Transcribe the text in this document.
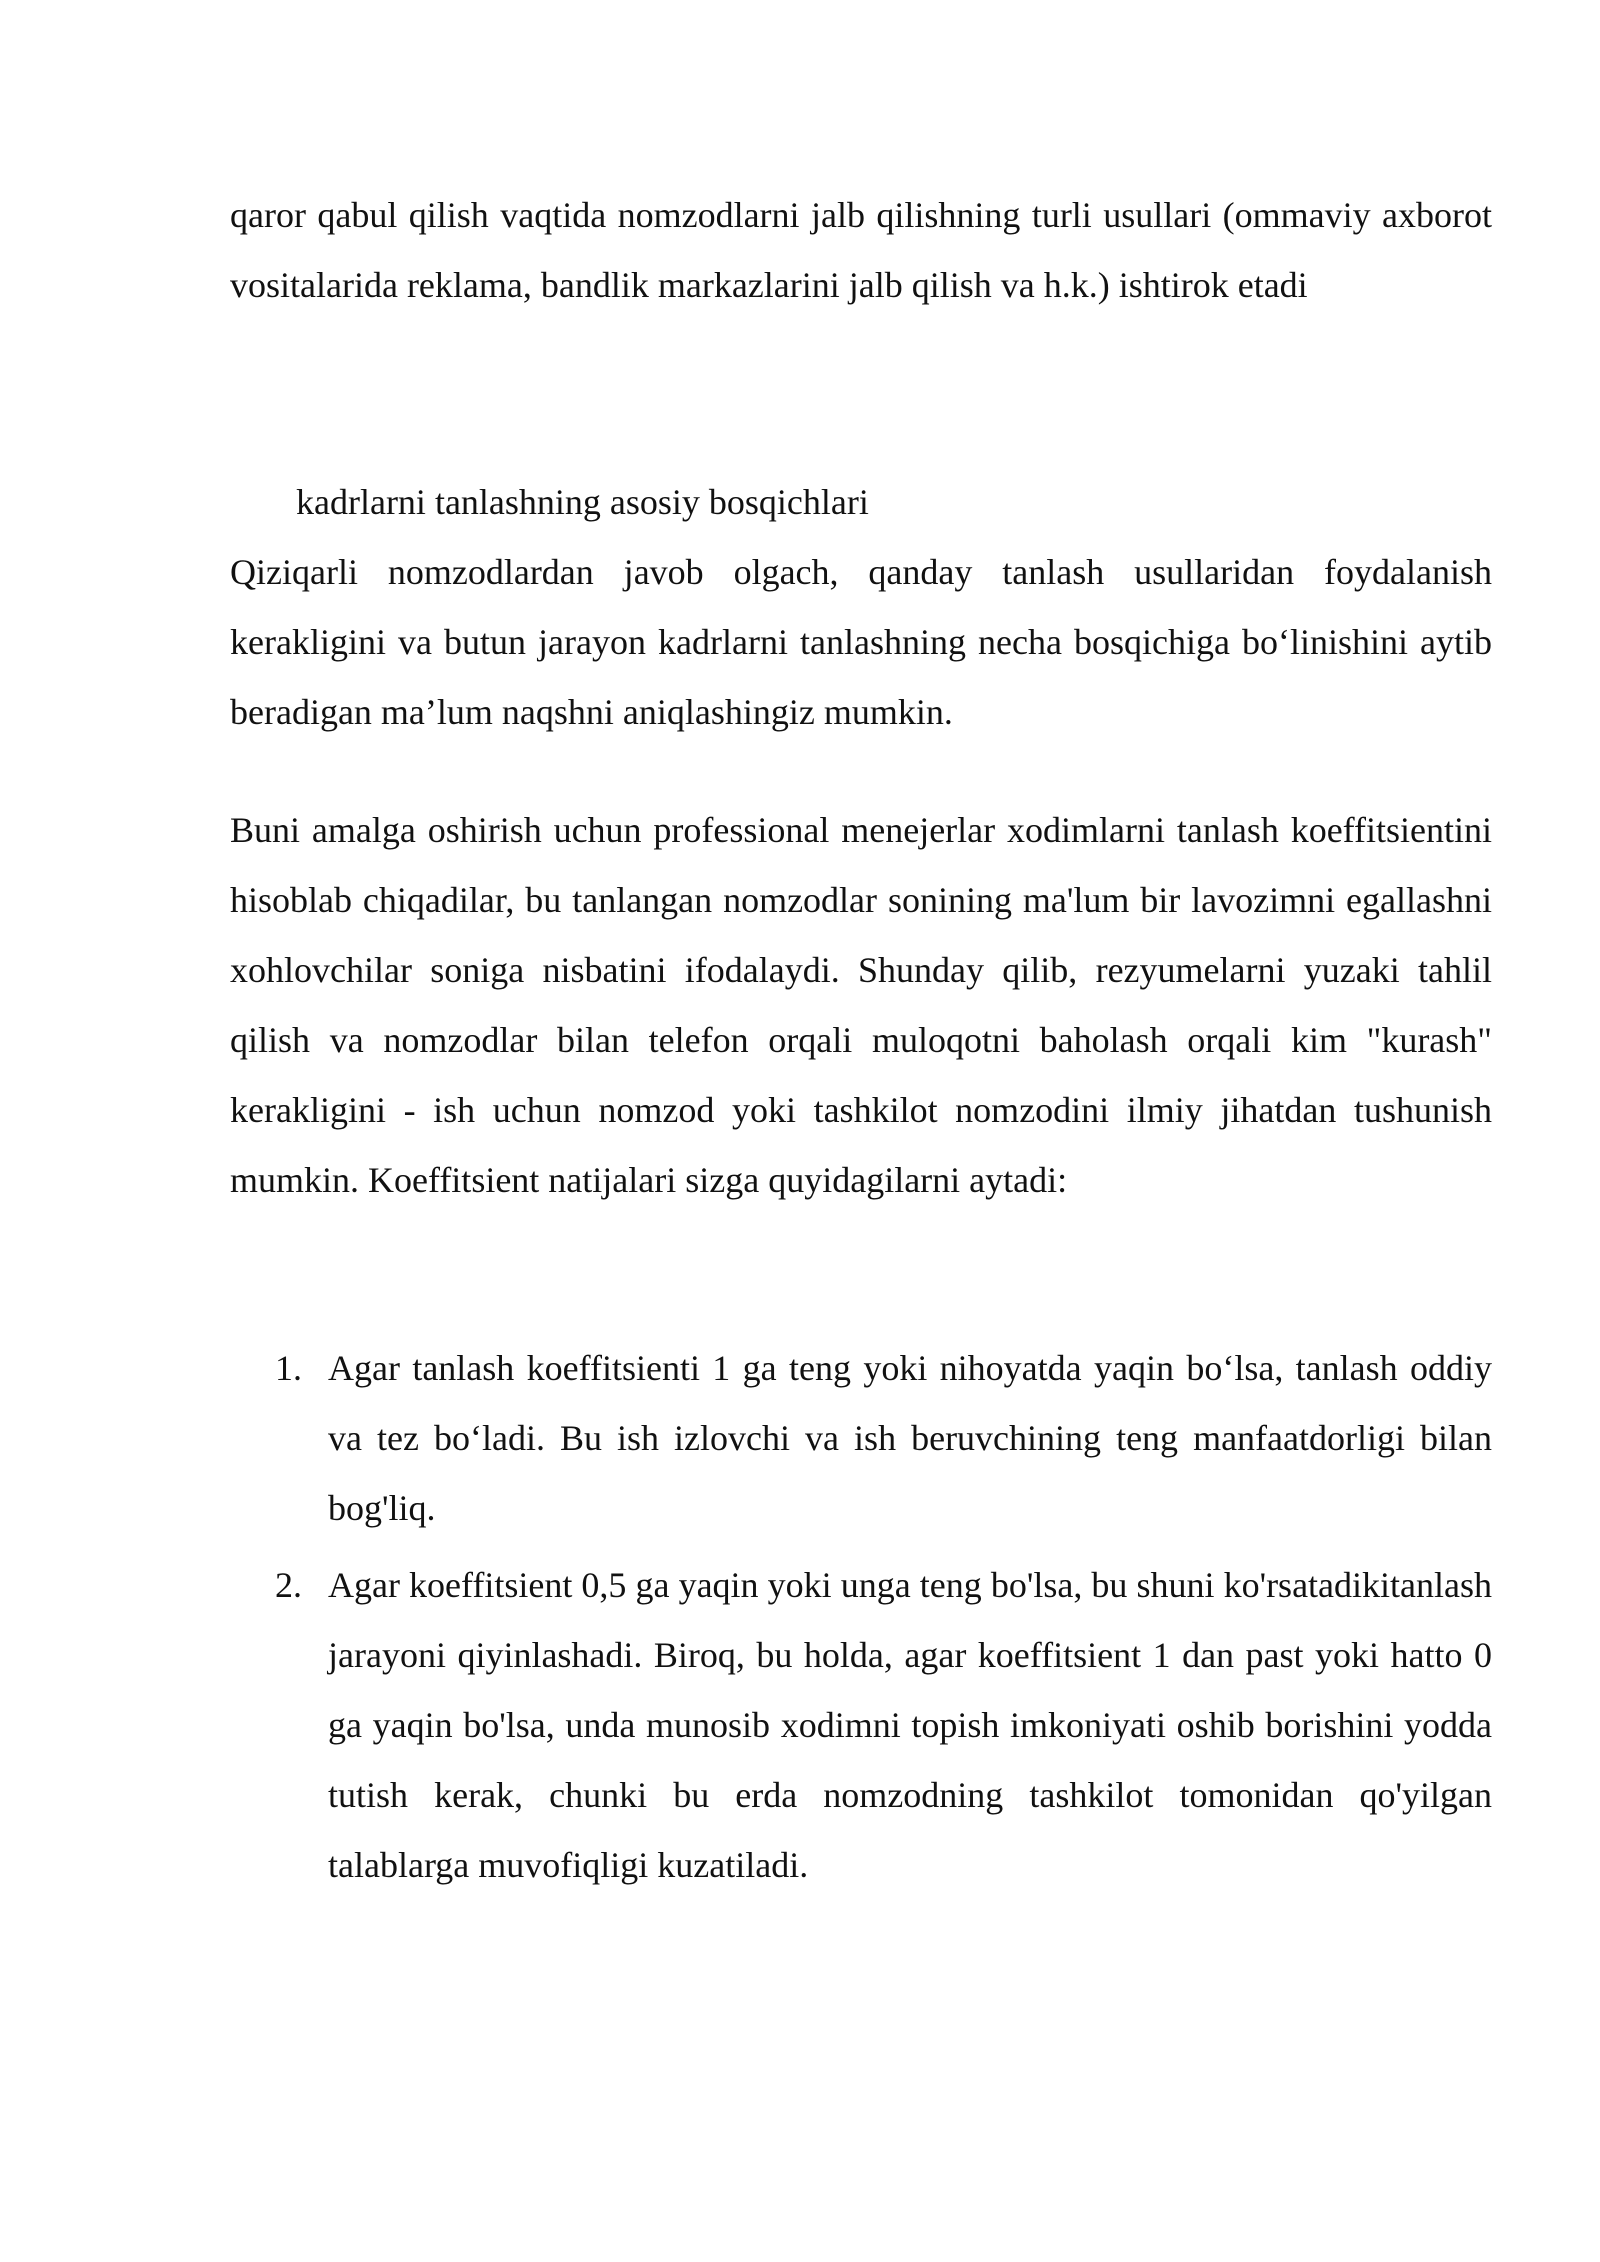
qaror qabul qilish vaqtida nomzodlarni jalb qilishning turli usullari (ommaviy axborot vositalarida reklama, bandlik markazlarini jalb qilish va h.k.) ishtirok etadi

kadrlarni tanlashning asosiy bosqichlari

Qiziqarli nomzodlardan javob olgach, qanday tanlash usullaridan foydalanish kerakligini va butun jarayon kadrlarni tanlashning necha bosqichiga bo‘linishini aytib beradigan ma’lum naqshni aniqlashingiz mumkin.

Buni amalga oshirish uchun professional menejerlar xodimlarni tanlash koeffitsientini hisoblab chiqadilar, bu tanlangan nomzodlar sonining ma'lum bir lavozimni egallashni xohlovchilar soniga nisbatini ifodalaydi. Shunday qilib, rezyumelarni yuzaki tahlil qilish va nomzodlar bilan telefon orqali muloqotni baholash orqali kim "kurash" kerakligini - ish uchun nomzod yoki tashkilot nomzodini ilmiy jihatdan tushunish mumkin. Koeffitsient natijalari sizga quyidagilarni aytadi:

1. Agar tanlash koeffitsienti 1 ga teng yoki nihoyatda yaqin bo‘lsa, tanlash oddiy va tez bo‘ladi. Bu ish izlovchi va ish beruvchining teng manfaatdorligi bilan bog'liq.
2. Agar koeffitsient 0,5 ga yaqin yoki unga teng bo'lsa, bu shuni ko'rsatadikitanlash jarayoni qiyinlashadi. Biroq, bu holda, agar koeffitsient 1 dan past yoki hatto 0 ga yaqin bo'lsa, unda munosib xodimni topish imkoniyati oshib borishini yodda tutish kerak, chunki bu erda nomzodning tashkilot tomonidan qo'yilgan talablarga muvofiqligi kuzatiladi.
